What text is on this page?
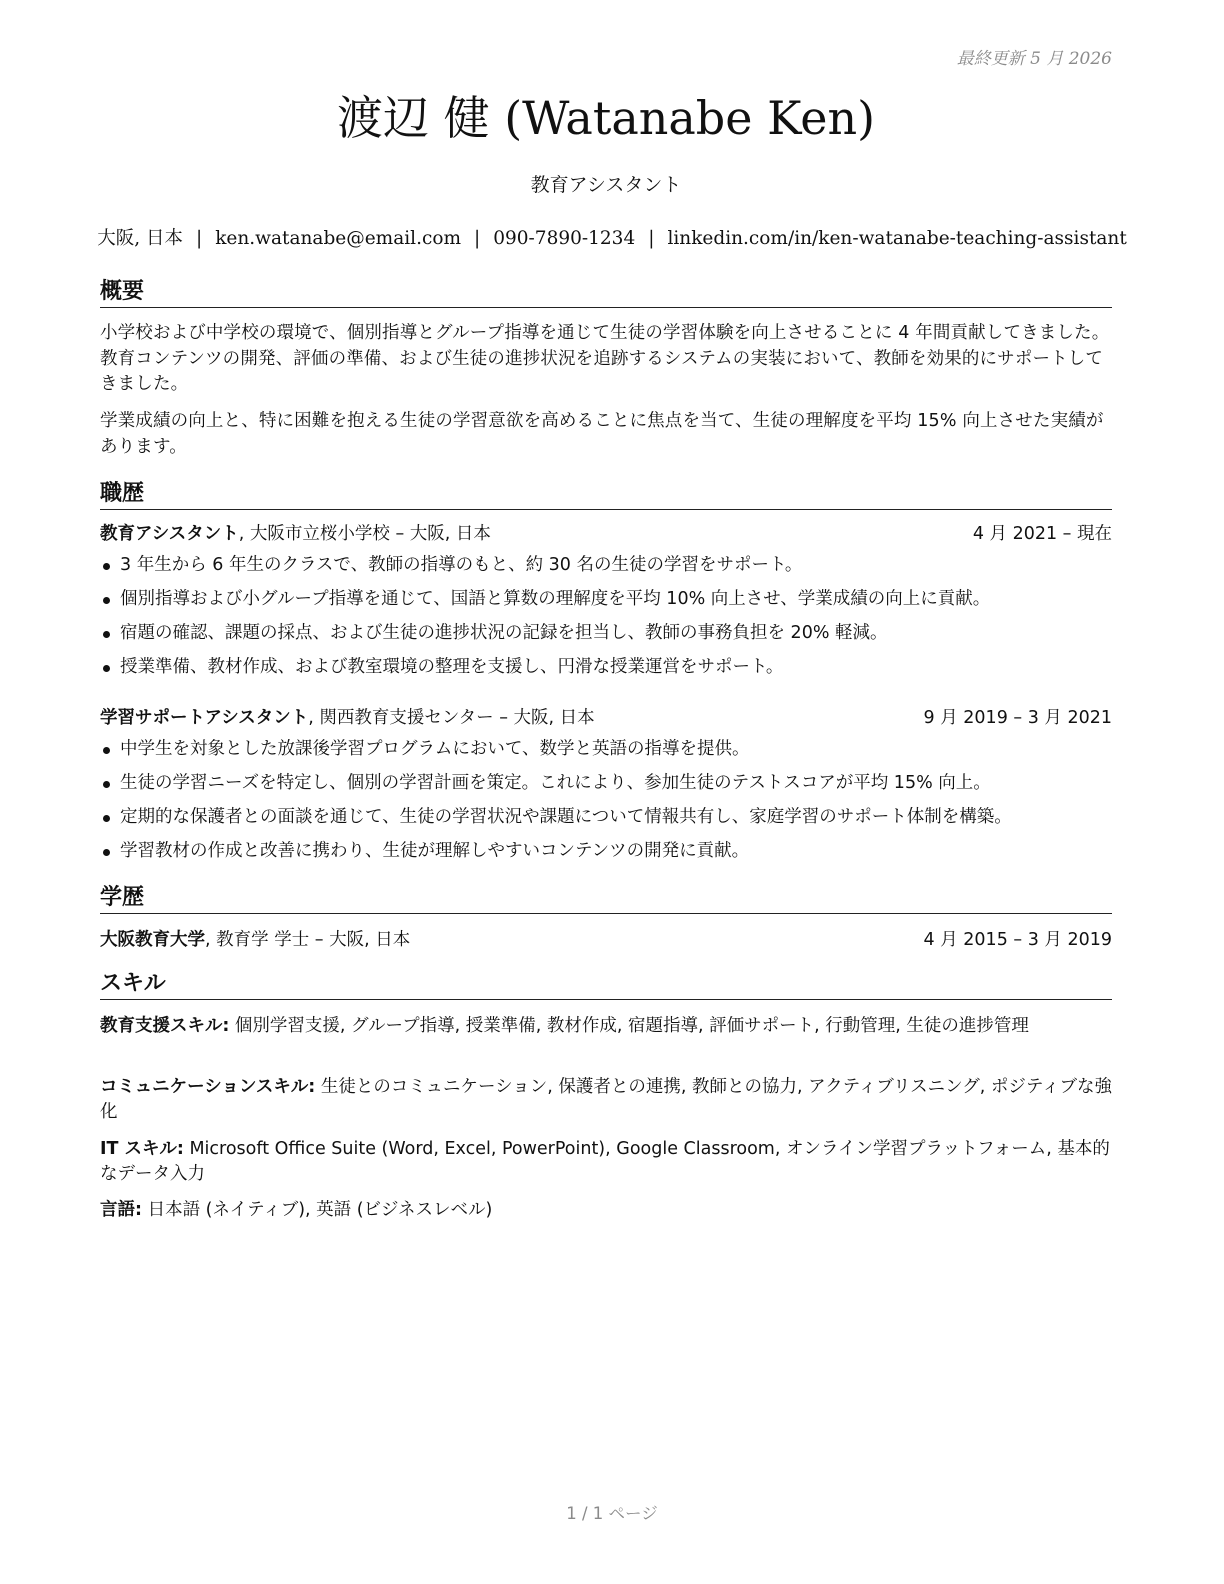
最終更新 5 月 2026
渡辺 健 (Watanabe Ken)
教育アシスタント
大阪, 日本 | ken.watanabe@email.com | 090-7890-1234 | linkedin.com/in/ken-watanabe-teaching-assistant
概要
小学校および中学校の環境で、個別指導とグループ指導を通じて生徒の学習体験を向上させることに 4 年間貢献してきました。教育コンテンツの開発、評価の準備、および生徒の進捗状況を追跡するシステムの実装において、教師を効果的にサポートしてきました。
学業成績の向上と、特に困難を抱える生徒の学習意欲を高めることに焦点を当て、生徒の理解度を平均 15% 向上させた実績があります。
職歴
教育アシスタント, 大阪市立桜小学校 – 大阪, 日本	4 月 2021 – 現在
3 年生から 6 年生のクラスで、教師の指導のもと、約 30 名の生徒の学習をサポート。
個別指導および小グループ指導を通じて、国語と算数の理解度を平均 10% 向上させ、学業成績の向上に貢献。
宿題の確認、課題の採点、および生徒の進捗状況の記録を担当し、教師の事務負担を 20% 軽減。
授業準備、教材作成、および教室環境の整理を支援し、円滑な授業運営をサポート。
学習サポートアシスタント, 関西教育支援センター – 大阪, 日本	9 月 2019 – 3 月 2021
中学生を対象とした放課後学習プログラムにおいて、数学と英語の指導を提供。
生徒の学習ニーズを特定し、個別の学習計画を策定。これにより、参加生徒のテストスコアが平均 15% 向上。
定期的な保護者との面談を通じて、生徒の学習状況や課題について情報共有し、家庭学習のサポート体制を構築。
学習教材の作成と改善に携わり、生徒が理解しやすいコンテンツの開発に貢献。
学歴
大阪教育大学, 教育学 学士 – 大阪, 日本	4 月 2015 – 3 月 2019
スキル
教育支援スキル: 個別学習支援, グループ指導, 授業準備, 教材作成, 宿題指導, 評価サポート, 行動管理, 生徒の進捗管理
コミュニケーションスキル: 生徒とのコミュニケーション, 保護者との連携, 教師との協力, アクティブリスニング, ポジティブな強化
IT スキル: Microsoft Office Suite (Word, Excel, PowerPoint), Google Classroom, オンライン学習プラットフォーム, 基本的なデータ入力
言語: 日本語 (ネイティブ), 英語 (ビジネスレベル)
1 / 1 ページ
